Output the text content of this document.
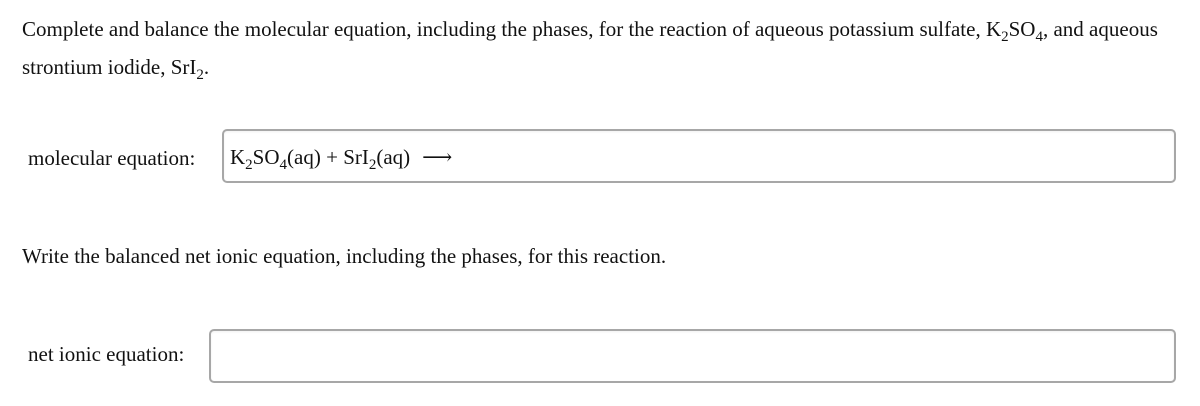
Complete and balance the molecular equation, including the phases, for the reaction of aqueous potassium sulfate, $K_2SO_4$, and aqueous strontium iodide, SrI$_2$.
molecular equation: $K_2SO_4(aq) + SrI_2(aq)$ ⟶
Write the balanced net ionic equation, including the phases, for this reaction.
net ionic equation:
